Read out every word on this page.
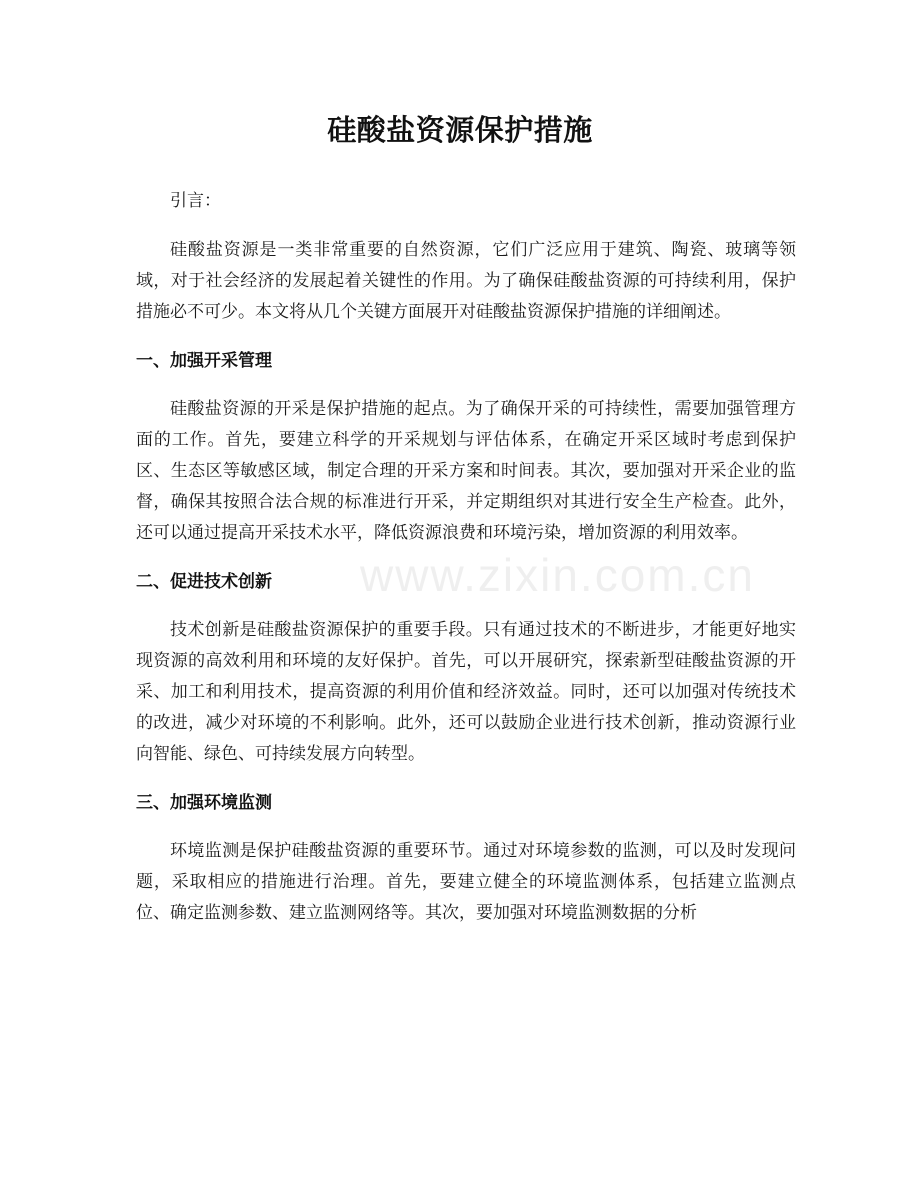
硅酸盐资源保护措施
引言：

硅酸盐资源是一类非常重要的自然资源，它们广泛应用于建筑、陶瓷、玻璃等领域，对于社会经济的发展起着关键性的作用。为了确保硅酸盐资源的可持续利用，保护措施必不可少。本文将从几个关键方面展开对硅酸盐资源保护措施的详细阐述。

一、加强开采管理

硅酸盐资源的开采是保护措施的起点。为了确保开采的可持续性，需要加强管理方面的工作。首先，要建立科学的开采规划与评估体系，在确定开采区域时考虑到保护区、生态区等敏感区域，制定合理的开采方案和时间表。其次，要加强对开采企业的监督，确保其按照合法合规的标准进行开采，并定期组织对其进行安全生产检查。此外，还可以通过提高开采技术水平，降低资源浪费和环境污染，增加资源的利用效率。

二、促进技术创新

技术创新是硅酸盐资源保护的重要手段。只有通过技术的不断进步，才能更好地实现资源的高效利用和环境的友好保护。首先，可以开展研究，探索新型硅酸盐资源的开采、加工和利用技术，提高资源的利用价值和经济效益。同时，还可以加强对传统技术的改进，减少对环境的不利影响。此外，还可以鼓励企业进行技术创新，推动资源行业向智能、绿色、可持续发展方向转型。

三、加强环境监测

环境监测是保护硅酸盐资源的重要环节。通过对环境参数的监测，可以及时发现问题，采取相应的措施进行治理。首先，要建立健全的环境监测体系，包括建立监测点位、确定监测参数、建立监测网络等。其次，要加强对环境监测数据的分析

www.zixin.com.cn
